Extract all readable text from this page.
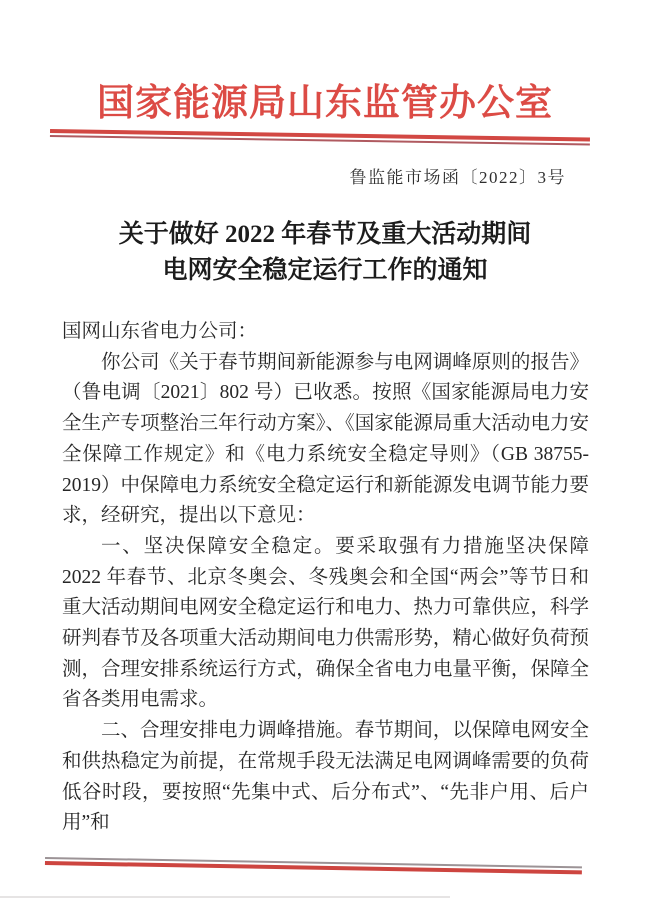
国家能源局山东监管办公室
鲁监能市场函〔2022〕3号
关于做好 2022 年春节及重大活动期间
电网安全稳定运行工作的通知

国网山东省电力公司：

你公司《关于春节期间新能源参与电网调峰原则的报告》（鲁电调〔2021〕802 号）已收悉。按照《国家能源局电力安全生产专项整治三年行动方案》、《国家能源局重大活动电力安全保障工作规定》和《电力系统安全稳定导则》（GB 38755-2019）中保障电力系统安全稳定运行和新能源发电调节能力要求，经研究，提出以下意见：

一、坚决保障安全稳定。要采取强有力措施坚决保障 2022 年春节、北京冬奥会、冬残奥会和全国“两会”等节日和重大活动期间电网安全稳定运行和电力、热力可靠供应，科学研判春节及各项重大活动期间电力供需形势，精心做好负荷预测，合理安排系统运行方式，确保全省电力电量平衡，保障全省各类用电需求。

二、合理安排电力调峰措施。春节期间，以保障电网安全和供热稳定为前提，在常规手段无法满足电网调峰需要的负荷低谷时段，要按照“先集中式、后分布式”、“先非户用、后户用”和
